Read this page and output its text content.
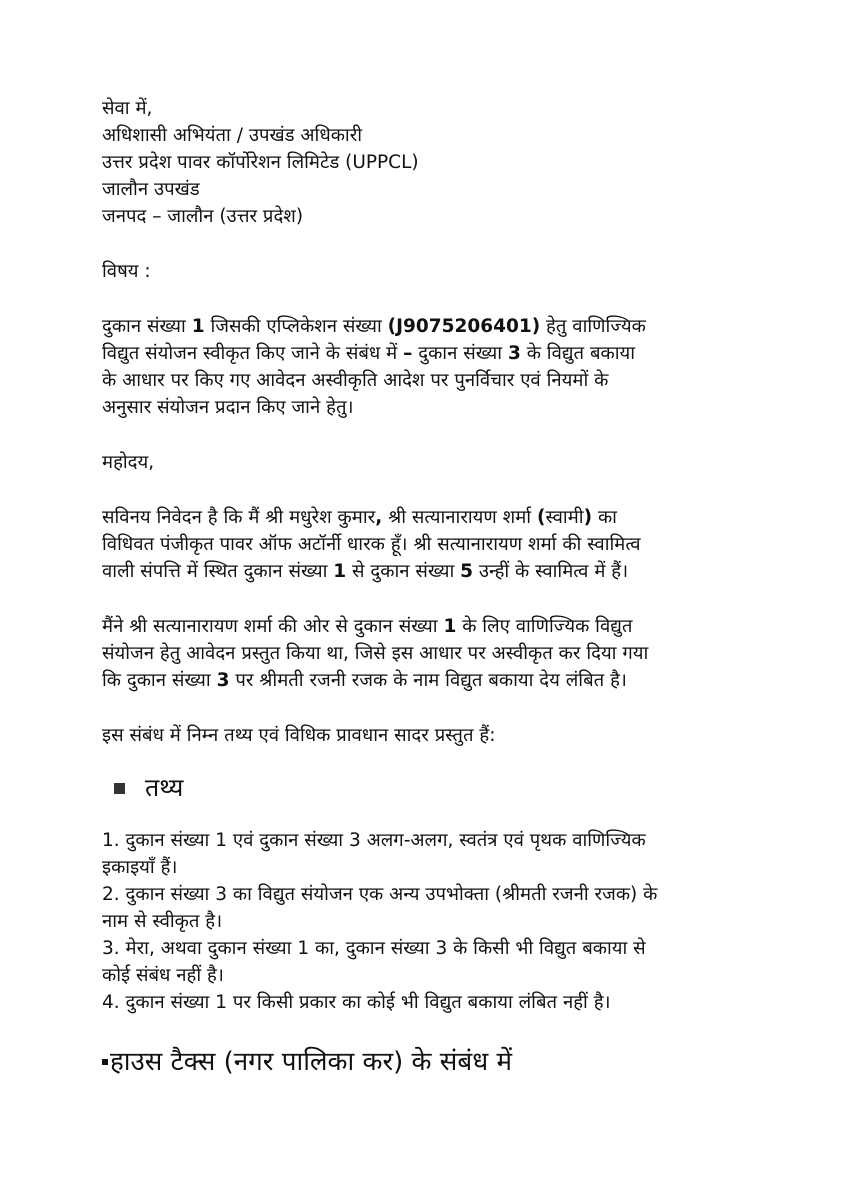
सेवा में,
अधिशासी अभियंता / उपखंड अधिकारी
उत्तर प्रदेश पावर कॉर्पोरेशन लिमिटेड (UPPCL)
जालौन उपखंड
जनपद – जालौन (उत्तर प्रदेश)
विषय :
दुकान संख्या 1 जिसकी एप्लिकेशन संख्या (J9075206401) हेतु वाणिज्यिक
विद्युत संयोजन स्वीकृत किए जाने के संबंध में – दुकान संख्या 3 के विद्युत बकाया
के आधार पर किए गए आवेदन अस्वीकृति आदेश पर पुनर्विचार एवं नियमों के
अनुसार संयोजन प्रदान किए जाने हेतु।
महोदय,
सविनय निवेदन है कि मैं श्री मधुरेश कुमार, श्री सत्यानारायण शर्मा (स्वामी) का
विधिवत पंजीकृत पावर ऑफ अटॉर्नी धारक हूँ। श्री सत्यानारायण शर्मा की स्वामित्व
वाली संपत्ति में स्थित दुकान संख्या 1 से दुकान संख्या 5 उन्हीं के स्वामित्व में हैं।
मैंने श्री सत्यानारायण शर्मा की ओर से दुकान संख्या 1 के लिए वाणिज्यिक विद्युत
संयोजन हेतु आवेदन प्रस्तुत किया था, जिसे इस आधार पर अस्वीकृत कर दिया गया
कि दुकान संख्या 3 पर श्रीमती रजनी रजक के नाम विद्युत बकाया देय लंबित है।
इस संबंध में निम्न तथ्य एवं विधिक प्रावधान सादर प्रस्तुत हैं:
तथ्य
1. दुकान संख्या 1 एवं दुकान संख्या 3 अलग-अलग, स्वतंत्र एवं पृथक वाणिज्यिक
इकाइयाँ हैं।
2. दुकान संख्या 3 का विद्युत संयोजन एक अन्य उपभोक्ता (श्रीमती रजनी रजक) के
नाम से स्वीकृत है।
3. मेरा, अथवा दुकान संख्या 1 का, दुकान संख्या 3 के किसी भी विद्युत बकाया से
कोई संबंध नहीं है।
4. दुकान संख्या 1 पर किसी प्रकार का कोई भी विद्युत बकाया लंबित नहीं है।
हाउस टैक्स (नगर पालिका कर) के संबंध में
